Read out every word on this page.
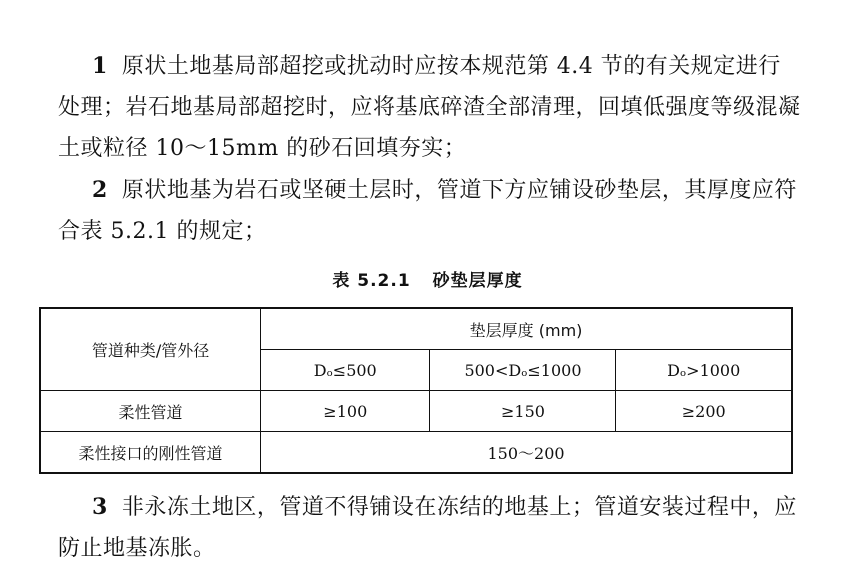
1 原状土地基局部超挖或扰动时应按本规范第 4.4 节的有关规定进行处理；岩石地基局部超挖时，应将基底碎渣全部清理，回填低强度等级混凝土或粒径 10～15mm 的砂石回填夯实；

2 原状地基为岩石或坚硬土层时，管道下方应铺设砂垫层，其厚度应符合表 5.2.1 的规定；

表 5.2.1 砂垫层厚度
管道种类/管外径	垫层厚度 (mm)		
	Dₒ≤500	500<Dₒ≤1000	Dₒ>1000
柔性管道	≥100	≥150	≥200
柔性接口的刚性管道	150～200		

3 非永冻土地区，管道不得铺设在冻结的地基上；管道安装过程中，应防止地基冻胀。
